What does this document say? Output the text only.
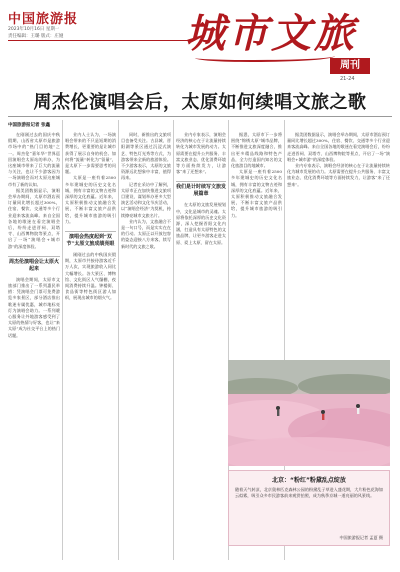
中国旅游报
2023年10月16日 星期一
责任编辑：王璐 版式：庄娅	城市文旅
周刊
21-24
周杰伦演唱会后，太原如何续唱文旅之歌
中国旅游报记者 张鑫

在刚刚过去的国庆中秋假期，山西省太原市是旅游市场中的“热门目的地”之一。周杰伦“嘉年华”世界巡回演唱会太原站的举办，为这座城市带来了巨大的流量与关注，也让不少游客因为一场演唱会而对太原这座城市有了新的认知。

据美团数据显示，演唱会举办期间，太原市酒店预订量同比增长超过300%，住宿、餐饮、交通等多个行业迎来客流高峰。来自全国各地的歌迷在看完演唱会后，纷纷走进晋祠、双塔寺、山西博物院等景点，开启了一场“演唱会+城市游”的深度体验。

周杰伦演唱会让太原火起来

演唱会期间，太原市文旅部门推出了一系列惠民举措：凭演唱会门票可免费游览多家景区，部分酒店推出歌迷专属优惠，城市地标亮灯为演唱会助力。一系列暖心服务让外地游客感受到了太原的热情与好客，也让“来太原”成为社交平台上的热门话题。

业内人士认为，一场演唱会带来的不只是短期的消费增长，更重要的是让城市获得了展示自身的机会。如何将“流量”转化为“留量”，是太原下一步需要思考的问题。

太原是一座有着2500多年建城史的历史文化名城，拥有丰富的文物古迹和深厚的文化底蕴。近年来，太原积极推动文旅融合发展，不断丰富文旅产品供给，提升城市旅游的吸引力。

演唱会热度起到“双节”太原文旅成绩亮眼

刚刚过去的中秋国庆假期，太原市共接待游客近千万人次，实现旅游收入同比大幅增长。各大景区、博物馆、文化街区人气爆棚，夜间消费持续升温。钟楼街、食品街等特色街区游人如织，展现出城市的烟火气。

同时，新推出的文旅项目也备受关注。古县城、晋阳湖等景区通过沉浸式演艺、特色灯光秀等方式，为游客带来全新的旅游体验。不少游客表示，太原的文旅资源远比想象中丰富，值得再来。

记者在采访中了解到，太原市正在加快推进文旅项目建设，谋划举办更多大型演艺活动和文化节庆活动，以“演唱会经济”为契机，持续擦亮城市文旅名片。

业内认为，文旅融合不是一句口号，而是实实在在的行动。太原正以开放包容的姿态迎接八方来客，续写新时代的文旅之歌。

业内专家表示，演唱会经济的核心在于让流量持续转化为城市发展的动力。太原需要在提升公共服务、丰富文旅业态、优化消费环境等方面持续发力，让游客“来了还想来”。

我们是计时续写文旅发展篇章

在太原的文旅发展规划中，文化是城市的灵魂。太原将依托深厚的历史文化资源，深入挖掘晋阳文化内涵，打造具有太原特色的文旅品牌，让更多游客走进太原、爱上太原、留在太原。

据悉，太原市下一步将围绕“锦绣太原”城市品牌，不断推进文旅深度融合，推出更多精品线路和特色产品，全力打造国内知名的文化旅游目的地城市。

太原是一座有着2500多年建城史的历史文化名城，拥有丰富的文物古迹和深厚的文化底蕴。近年来，太原积极推动文旅融合发展，不断丰富文旅产品供给，提升城市旅游的吸引力。

据美团数据显示，演唱会举办期间，太原市酒店预订量同比增长超过300%，住宿、餐饮、交通等多个行业迎来客流高峰。来自全国各地的歌迷在看完演唱会后，纷纷走进晋祠、双塔寺、山西博物院等景点，开启了一场“演唱会+城市游”的深度体验。

业内专家表示，演唱会经济的核心在于让流量持续转化为城市发展的动力。太原需要在提升公共服务、丰富文旅业态、优化消费环境等方面持续发力，让游客“来了还想来”。

北京：“粉红”粉黛乱点绽放
随着天气转凉，北京奥林匹克森林公园的粉黛乱子草进入盛花期，大片粉色花海如云似雾，吸引众多市民游客前来观赏拍照，成为秋季京城一道亮丽的风景线。
中国旅游报记者 孟夏 摄
